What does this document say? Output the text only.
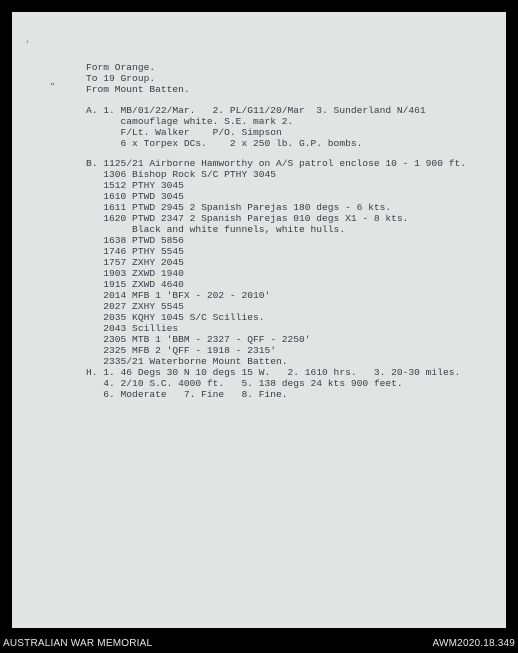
‘
‟
Form Orange.
To 19 Group.
From Mount Batten.
A. 1. MB/01/22/Mar.   2. PL/G11/20/Mar  3. Sunderland N/461
camouflage white. S.E. mark 2.
F/Lt. Walker    P/O. Simpson
6 x Torpex DCs.    2 x 250 lb. G.P. bombs.
B. 1125/21 Airborne Hamworthy on A/S patrol enclose 10 - 1 900 ft.
1306 Bishop Rock S/C PTHY 3045
1512 PTHY 3045
1610 PTWD 3045
1611 PTWD 2945 2 Spanish Parejas 180 degs - 6 kts.
1620 PTWD 2347 2 Spanish Parejas 010 degs X1 - 8 kts.
Black and white funnels, white hulls.
1638 PTWD 5856
1746 PTHY 5545
1757 ZXHY 2045
1903 ZXWD 1940
1915 ZXWD 4640
2014 MFB 1 'BFX - 202 - 2010'
2027 ZXHY 5545
2035 KQHY 1045 S/C Scillies.
2043 Scillies
2305 MTB 1 'BBM - 2327 - QFF - 2250'
2325 MFB 2 'QFF - 1918 - 2315'
2335/21 Waterborne Mount Batten.
H. 1. 46 Degs 30 N 10 degs 15 W.   2. 1610 hrs.   3. 20-30 miles.
4. 2/10 S.C. 4000 ft.   5. 138 degs 24 kts 900 feet.
6. Moderate   7. Fine   8. Fine.
AUSTRALIAN WAR MEMORIAL	AWM2020.18.349
